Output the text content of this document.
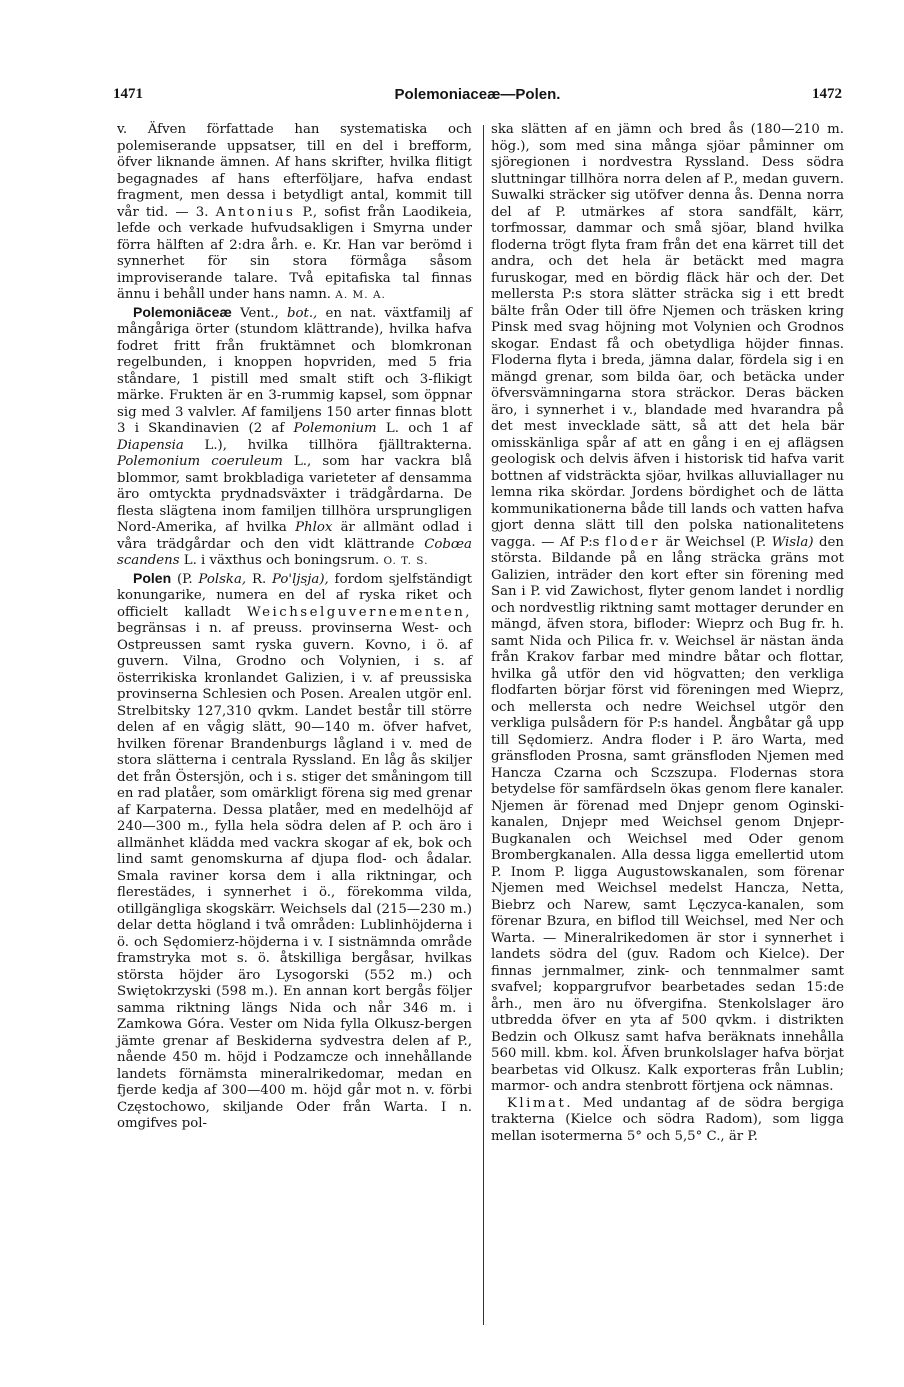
1471	Polemoniaceæ—Polen.	1472

v. Äfven författade han systematiska och polemiserande uppsatser, till en del i brefform, öfver liknande ämnen. Af hans skrifter, hvilka flitigt begagnades af hans efterföljare, hafva endast fragment, men dessa i betydligt antal, kommit till vår tid. — 3. Antonius P., sofist från Laodikeia, lefde och verkade hufvudsakligen i Smyrna under förra hälften af 2:dra årh. e. Kr. Han var berömd i synnerhet för sin stora förmåga såsom improviserande talare. Två epitafiska tal finnas ännu i behåll under hans namn. A. M. A.

Polemoniāceæ Vent., bot., en nat. växtfamilj af mångåriga örter (stundom klättrande), hvilka hafva fodret fritt från fruktämnet och blomkronan regelbunden, i knoppen hopvriden, med 5 fria ståndare, 1 pistill med smalt stift och 3-flikigt märke. Frukten är en 3-rummig kapsel, som öppnar sig med 3 valvler. Af familjens 150 arter finnas blott 3 i Skandinavien (2 af Polemonium L. och 1 af Diapensia L.), hvilka tillhöra fjälltrakterna. Polemonium coeruleum L., som har vackra blå blommor, samt brokbladiga varieteter af densamma äro omtyckta prydnadsväxter i trädgårdarna. De flesta slägtena inom familjen tillhöra ursprungligen Nord-Amerika, af hvilka Phlox är allmänt odlad i våra trädgårdar och den vidt klättrande Cobœa scandens L. i växthus och boningsrum. O. T. S.

Polen (P. Polska, R. Po'ljsja), fordom sjelfständigt konungarike, numera en del af ryska riket och officielt kalladt Weichselguvernementen, begränsas i n. af preuss. provinserna West- och Ostpreussen samt ryska guvern. Kovno, i ö. af guvern. Vilna, Grodno och Volynien, i s. af österrikiska kronlandet Galizien, i v. af preussiska provinserna Schlesien och Posen. Arealen utgör enl. Strelbitsky 127,310 qvkm. Landet består till större delen af en vågig slätt, 90—140 m. öfver hafvet, hvilken förenar Brandenburgs lågland i v. med de stora slätterna i centrala Ryssland. En låg ås skiljer det från Östersjön, och i s. stiger det småningom till en rad platåer, som omärkligt förena sig med grenar af Karpaterna. Dessa platåer, med en medelhöjd af 240—300 m., fylla hela södra delen af P. och äro i allmänhet klädda med vackra skogar af ek, bok och lind samt genomskurna af djupa flod- och ådalar. Smala raviner korsa dem i alla riktningar, och flerestädes, i synnerhet i ö., förekomma vilda, otillgängliga skogskärr. Weichsels dal (215—230 m.) delar detta högland i två områden: Lublinhöjderna i ö. och Sędomierz-höjderna i v. I sistnämnda område framstryka mot s. ö. åtskilliga bergåsar, hvilkas största höjder äro Lysogorski (552 m.) och Swiętokrzyski (598 m.). En annan kort bergås följer samma riktning längs Nida och når 346 m. i Zamkowa Góra. Vester om Nida fylla Olkusz-bergen jämte grenar af Beskiderna sydvestra delen af P., nående 450 m. höjd i Podzamcze och innehållande landets förnämsta mineralrikedomar, medan en fjerde kedja af 300—400 m. höjd går mot n. v. förbi Częstochowo, skiljande Oder från Warta. I n. omgifves pol-

ska slätten af en jämn och bred ås (180—210 m. hög.), som med sina många sjöar påminner om sjöregionen i nordvestra Ryssland. Dess södra sluttningar tillhöra norra delen af P., medan guvern. Suwalki sträcker sig utöfver denna ås. Denna norra del af P. utmärkes af stora sandfält, kärr, torfmossar, dammar och små sjöar, bland hvilka floderna trögt flyta fram från det ena kärret till det andra, och det hela är betäckt med magra furuskogar, med en bördig fläck här och der. Det mellersta P:s stora slätter sträcka sig i ett bredt bälte från Oder till öfre Njemen och träsken kring Pinsk med svag höjning mot Volynien och Grodnos skogar. Endast få och obetydliga höjder finnas. Floderna flyta i breda, jämna dalar, fördela sig i en mängd grenar, som bilda öar, och betäcka under öfversvämningarna stora sträckor. Deras bäcken äro, i synnerhet i v., blandade med hvarandra på det mest invecklade sätt, så att det hela bär omisskänliga spår af att en gång i en ej aflägsen geologisk och delvis äfven i historisk tid hafva varit bottnen af vidsträckta sjöar, hvilkas alluviallager nu lemna rika skördar. Jordens bördighet och de lätta kommunikationerna både till lands och vatten hafva gjort denna slätt till den polska nationalitetens vagga. — Af P:s floder är Weichsel (P. Wisla) den största. Bildande på en lång sträcka gräns mot Galizien, inträder den kort efter sin förening med San i P. vid Zawichost, flyter genom landet i nordlig och nordvestlig riktning samt mottager derunder en mängd, äfven stora, bifloder: Wieprz och Bug fr. h. samt Nida och Pilica fr. v. Weichsel är nästan ända från Krakov farbar med mindre båtar och flottar, hvilka gå utför den vid högvatten; den verkliga flodfarten börjar först vid föreningen med Wieprz, och mellersta och nedre Weichsel utgör den verkliga pulsådern för P:s handel. Ångbåtar gå upp till Sędomierz. Andra floder i P. äro Warta, med gränsfloden Prosna, samt gränsfloden Njemen med Hancza Czarna och Sczszupa. Flodernas stora betydelse för samfärdseln ökas genom flere kanaler. Njemen är förenad med Dnjepr genom Oginski-kanalen, Dnjepr med Weichsel genom Dnjepr-Bugkanalen och Weichsel med Oder genom Brombergkanalen. Alla dessa ligga emellertid utom P. Inom P. ligga Augustowskanalen, som förenar Njemen med Weichsel medelst Hancza, Netta, Biebrz och Narew, samt Lęczyca-kanalen, som förenar Bzura, en biflod till Weichsel, med Ner och Warta. — Mineralrikedomen är stor i synnerhet i landets södra del (guv. Radom och Kielce). Der finnas jernmalmer, zink- och tennmalmer samt svafvel; koppargrufvor bearbetades sedan 15:de årh., men äro nu öfvergifna. Stenkolslager äro utbredda öfver en yta af 500 qvkm. i distrikten Bedzin och Olkusz samt hafva beräknats innehålla 560 mill. kbm. kol. Äfven brunkolslager hafva börjat bearbetas vid Olkusz. Kalk exporteras från Lublin; marmor- och andra stenbrott förtjena ock nämnas.

Klimat. Med undantag af de södra bergiga trakterna (Kielce och södra Radom), som ligga mellan isotermerna 5° och 5,5° C., är P.
